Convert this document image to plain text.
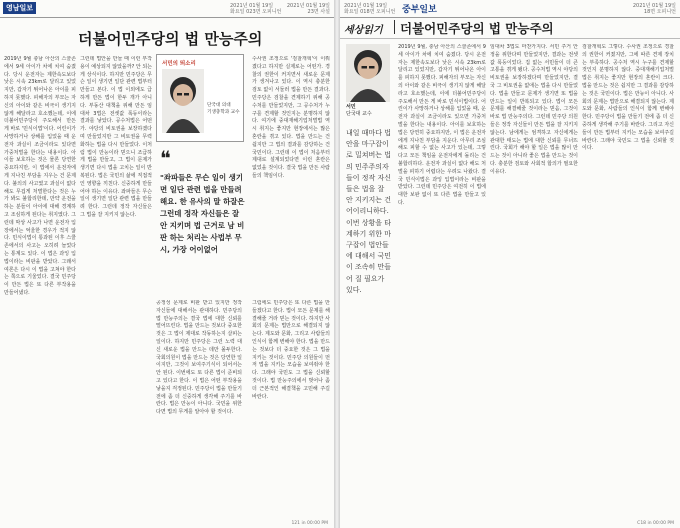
영남일보	2021년 01월 19일
화요일 023면 오피니언
2021년 01월 19일
23면 사설
더불어민주당의 법 만능주의
2019년 9월 충남 아산의 스쿨존에서 9세 아이가 차에 치여 숨졌다. 당시 운전자는 제한속도보다 낮은 시속 23km로 달리고 있었지만, 갑자기 튀어나온 아이를 피하지 못했다. 피해자의 부모는 자신의 아이와 같은 비극이 생기지 않게 해달라고 호소했는데, 이에 더불어민주당이 주도해서 만든 게 바로 '민식이법'이다. 어린이가 사망하거나 상해를 입었을 때 운전자 과실이 조금이라도 있다면 가중처벌을 한다는 내용이다. 아이들 보호하는 것은 물론 당연한 중요하지만, 이 법에서 운전자에게 지나친 부담을 지우는 건 문제다. 불의의 사고였고 과실이 없다 해도 무겁게 처벌한다는 것은 누가 봐도 불합리한데, 만약 운전을 하는 분들이 아이에 대해 경계하고 조심하게 된다는 취지였다. 그런데 막상 사고가 나면 운전자 입장에서는 억울한 경우가 적지 않다. 민식이법이 통과된 이후 스쿨존에서의 사고는 오히려 늘었다는 통계도 있다. 이 법은 과잉 입법이라는 비판을 받았다. 그래서 여론은 다시 이 법을 고쳐야 한다는 쪽으로 기울었다. 결국 민주당이 만든 법은 또 다른 부작용을 만들어냈다.
그런데 법안을 만들 때 이런 부작용이 예상되지 않았을까? 안 되는 게 상식이다. 하지만 민주당은 무슨 일이 생기면 일단 관련 법부터 만들고 본다. 이 법 이외에도 급하게 만든 법이 한두 개가 아니다. 부동산 대책을 위해 만든 임대차 3법은 전셋값 폭등이라는 결과를 낳았다. 공수처법은 어떤가. 야당의 비토권을 보장하겠다며 만들었지만 그 비토권을 무력화하는 법을 다시 만들었다. 이처럼 법이 만능이라 믿으니 조급하게 법을 만들고, 그 법이 문제가 생기면 다시 법을 고치는 일이 반복된다. 법은 국민의 삶에 직접적인 영향을 끼친다. 신중하게 만들어야 하는 이유다. 좌파들은 무슨 일이 생기면 일단 관련 법을 만들려 한다. 그런데 정작 자신들은 그 법을 잘 지키지 않는다.
서민의 뙤소리
단국대 의대
기생충학과 교수
❝
"좌파들은 무슨 일이 생기면 일단 관련 법을 만들려 해요. 한 유사의 말 하잘은 그런데 정작 자신들은 잘 안 지키며 법 근거로 남 비판 하는 처리는 사법부 무시, 가장 어이없어
수사권 조정으로 '검찰개혁'이 이뤄졌다고 하지만 실제로는 어떤가. 경찰의 권한이 커지면서 새로운 문제가 생겨나고 있다. 이 역시 충분한 검토 없이 서둘러 법을 만든 결과다. 민주당은 검찰을 견제하기 위해 공수처를 만들었지만, 그 공수처가 누구를 견제할 것인지는 분명하지 않다. 여기에 중대재해기업처벌법 역시 취지는 좋지만 현장에서는 많은 혼란을 겪고 있다. 법을 만드는 건 쉽지만 그 법의 결과를 감당하는 건 국민이다. 그런데 이 법이 처음부터 제대로 설계되었다면 이런 혼란은 없었을 것이다. 결국 법을 만든 사람들의 책임이다.
공정성 문제로 비판 받고 있지만 정작 자신들에 대해서는 관대하다. 민주당의 법 만능주의는 결국 법에 대한 신뢰를 떨어뜨린다. 법을 만드는 것보다 중요한 것은 그 법이 제대로 작동하는지 살피는 일이다. 하지만 민주당은 그런 노력 대신 새로운 법을 만드는 데만 몰두한다. 국회의원이 법을 만드는 것은 당연한 일이지만, 그것이 보여주기식이 되어서는 안 된다. 이번에도 또 다른 법이 준비되고 있다고 한다. 이 법은 어떤 부작용을 낳을지 걱정된다. 민주당이 법을 만들기 전에 좀 더 신중하게 생각해 주기를 바란다. 법은 만능이 아니다. 국민을 위한다면 법의 무게를 알아야 할 것이다.
그럼에도 민주당은 또 다른 법을 만들겠다고 한다. 법이 모든 문제를 해결해줄 거라 믿는 것이다. 하지만 사회의 문제는 법만으로 해결되지 않는다. 제도와 문화, 그리고 사람들의 인식이 함께 변해야 한다. 법을 만드는 것보다 더 중요한 것은 그 법을 지키는 것이다. 민주당 의원들이 먼저 법을 지키는 모습을 보여줘야 한다. 그래야 국민도 그 법을 신뢰할 것이다. 법 만능주의에서 벗어나 좀 더 근본적인 해결책을 고민해 주길 바란다.
121 in 00:00 PM
2021년 01월 19일
화요일 018면 오피니언 중부일보	2021년 01월 19일
18면 오피니언
세상읽기 더불어민주당의 법 만능주의
서민
단국대 교수
내일 때마다 법안을 마구잡이로 밀쳐버는 법의 민주주의자들이 정작 자신들은 법을 잘 안 지키지는 건 어이리니하다. 이번 상황을 타계하기 위한 마구잡이 법안들에 대해서 국민이 조속히 만들어 질 필요가 있다.
2019년 9월, 충남 아산의 스쿨존에서 9세 아이가 차에 치여 숨졌다. 당시 운전자는 제한속도보다 낮은 시속 23km로 달리고 있었지만, 갑자기 튀어나온 아이를 피하지 못했다. 피해자의 부모는 자신의 아이와 같은 비극이 생기지 않게 해달라고 호소했는데, 이에 더불어민주당이 주도해서 만든 게 바로 민식이법이다. 어린이가 사망하거나 상해를 입었을 때, 운전자 과실이 조금이라도 있으면 가중처벌을 한다는 내용이다. 아이를 보호하는 법은 당연히 중요하지만, 이 법은 운전자에게 지나친 부담을 지운다. 아무리 조심해도 피할 수 없는 사고가 있는데, 그렇다고 모든 책임을 운전자에게 돌리는 건 불합리하다. 운전자 과실이 없다 해도 처벌을 피하기 어렵다는 우려도 나왔다. 결국 민식이법은 과잉 입법이라는 비판을 받았다. 그런데 민주당은 여전히 이 법에 대한 보완 없이 또 다른 법을 만들고 있다.
임대차 3법도 마찬가지다. 서민 주거 안정을 위한다며 만들었지만, 결과는 전셋값 폭등이었다. 집 없는 서민들이 더 큰 고통을 겪게 됐다. 공수처법 역시 야당의 비토권을 보장하겠다며 만들었지만, 결국 그 비토권을 없애는 법을 다시 만들었다. 법을 만들고 문제가 생기면 또 법을 만드는 일이 반복되고 있다. 법이 모든 문제를 해결해줄 것이라는 믿음, 그것이 바로 법 만능주의다. 그런데 민주당 의원들은 정작 자신들이 만든 법을 잘 지키지 않는다. 남에게는 엄격하고 자신에게는 관대한 태도는 법에 대한 신뢰를 무너뜨린다. 국회가 해야 할 일은 법을 많이 만드는 것이 아니라 좋은 법을 만드는 것이다. 충분한 검토와 사회적 합의가 필요한 이유다.
검찰개혁도 그렇다. 수사권 조정으로 경찰의 권한이 커졌지만, 그에 따른 견제 장치는 부족하다. 공수처 역시 누구를 견제할 것인지 분명하지 않다. 중대재해기업처벌법은 취지는 좋지만 현장의 혼란이 크다. 법을 만드는 것은 쉽지만 그 결과를 감당하는 것은 국민이다. 법은 만능이 아니다. 사회의 문제는 법만으로 해결되지 않는다. 제도와 문화, 사람들의 인식이 함께 변해야 한다. 민주당이 법을 만들기 전에 좀 더 신중하게 생각해 주기를 바란다. 그리고 자신들이 만든 법부터 지키는 모습을 보여주길 바란다. 그래야 국민도 그 법을 신뢰할 것이다.
C18 in 00:00 PM
